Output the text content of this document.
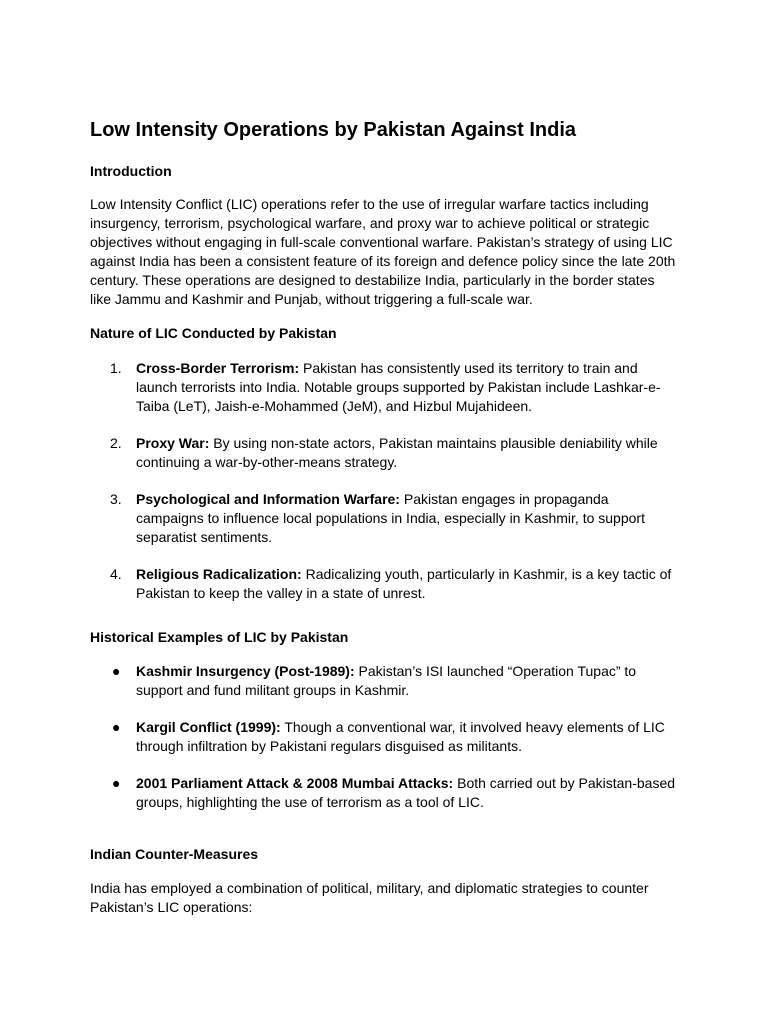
Low Intensity Operations by Pakistan Against India
Introduction

Low Intensity Conflict (LIC) operations refer to the use of irregular warfare tactics including insurgency, terrorism, psychological warfare, and proxy war to achieve political or strategic objectives without engaging in full-scale conventional warfare. Pakistan’s strategy of using LIC against India has been a consistent feature of its foreign and defence policy since the late 20th century. These operations are designed to destabilize India, particularly in the border states like Jammu and Kashmir and Punjab, without triggering a full-scale war.

Nature of LIC Conducted by Pakistan
1. Cross-Border Terrorism: Pakistan has consistently used its territory to train and launch terrorists into India. Notable groups supported by Pakistan include Lashkar-e-Taiba (LeT), Jaish-e-Mohammed (JeM), and Hizbul Mujahideen.
2. Proxy War: By using non-state actors, Pakistan maintains plausible deniability while continuing a war-by-other-means strategy.
3. Psychological and Information Warfare: Pakistan engages in propaganda campaigns to influence local populations in India, especially in Kashmir, to support separatist sentiments.
4. Religious Radicalization: Radicalizing youth, particularly in Kashmir, is a key tactic of Pakistan to keep the valley in a state of unrest.
Historical Examples of LIC by Pakistan
● Kashmir Insurgency (Post-1989): Pakistan’s ISI launched “Operation Tupac” to support and fund militant groups in Kashmir.
● Kargil Conflict (1999): Though a conventional war, it involved heavy elements of LIC through infiltration by Pakistani regulars disguised as militants.
● 2001 Parliament Attack & 2008 Mumbai Attacks: Both carried out by Pakistan-based groups, highlighting the use of terrorism as a tool of LIC.
Indian Counter-Measures

India has employed a combination of political, military, and diplomatic strategies to counter Pakistan’s LIC operations:
